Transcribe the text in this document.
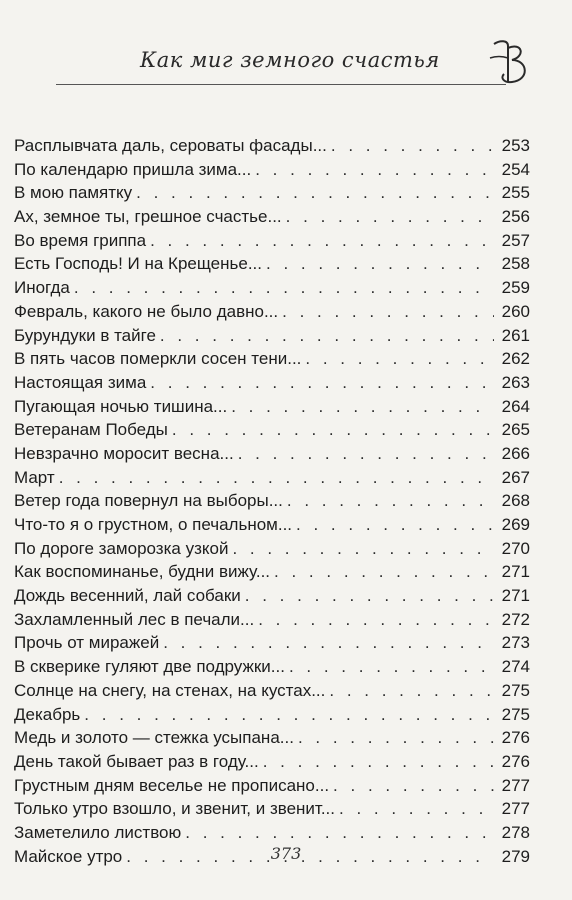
Как миг земного счастья
Расплывчата даль, сероваты фасады... . . .	253
По календарю пришла зима... . . .	254
В мою памятку . . .	255
Ах, земное ты, грешное счастье... . . .	256
Во время гриппа . . .	257
Есть Господь! И на Крещенье... . . .	258
Иногда . . .	259
Февраль, какого не было давно... . . .	260
Бурундуки в тайге . . .	261
В пять часов померкли сосен тени... . . .	262
Настоящая зима . . .	263
Пугающая ночью тишина... . . .	264
Ветеранам Победы . . .	265
Невзрачно моросит весна... . . .	266
Март . . .	267
Ветер года повернул на выборы... . . .	268
Что-то я о грустном, о печальном... . . .	269
По дороге заморозка узкой . . .	270
Как воспоминанье, будни вижу... . . .	271
Дождь весенний, лай собаки . . .	271
Захламленный лес в печали... . . .	272
Прочь от миражей . . .	273
В скверике гуляют две подружки... . . .	274
Солнце на снегу, на стенах, на кустах... . . .	275
Декабрь . . .	275
Медь и золото — стежка усыпана... . . .	276
День такой бывает раз в году... . . .	276
Грустным дням веселье не прописано... . . .	277
Только утро взошло, и звенит, и звенит... . . .	277
Заметелило листвою . . .	278
Майское утро . . .	279
373
